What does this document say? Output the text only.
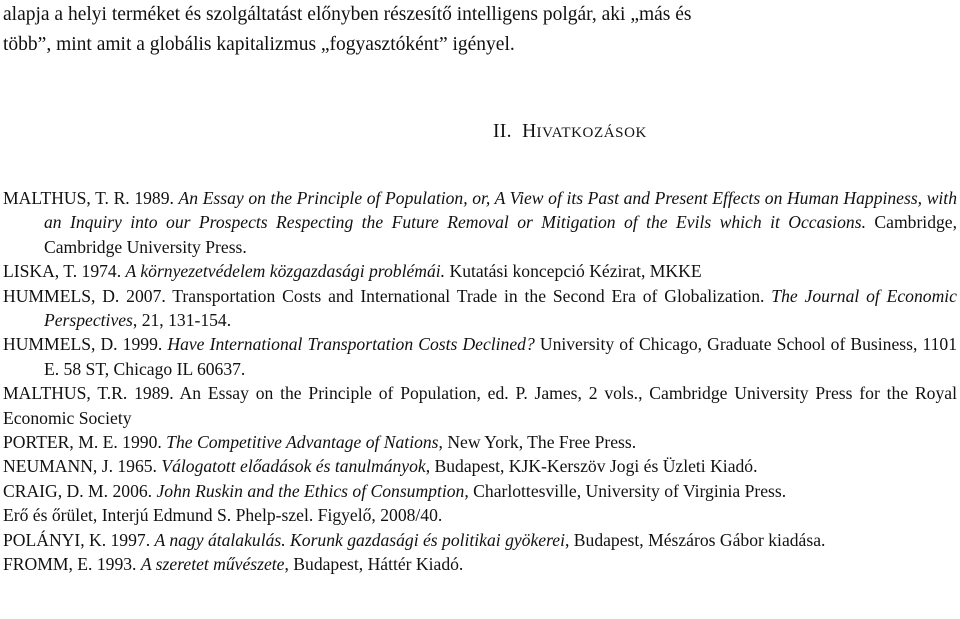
alapja a helyi terméket és szolgáltatást előnyben részesítő intelligens polgár, aki „más és
több”, mint amit a globális kapitalizmus „fogyasztóként” igényel.
II. HIVATKOZÁSOK

MALTHUS, T. R. 1989. An Essay on the Principle of Population, or, A View of its Past and Present Effects on Human Happiness, with an Inquiry into our Prospects Respecting the Future Removal or Mitigation of the Evils which it Occasions. Cambridge, Cambridge University Press.

LISKA, T. 1974. A környezetvédelem közgazdasági problémái. Kutatási koncepció Kézirat, MKKE

HUMMELS, D. 2007. Transportation Costs and International Trade in the Second Era of Globalization. The Journal of Economic Perspectives, 21, 131-154.

HUMMELS, D. 1999. Have International Transportation Costs Declined? University of Chicago, Graduate School of Business, 1101 E. 58 ST, Chicago IL 60637.

MALTHUS, T.R. 1989. An Essay on the Principle of Population, ed. P. James, 2 vols., Cambridge University Press for the Royal Economic Society

PORTER, M. E. 1990. The Competitive Advantage of Nations, New York, The Free Press.

NEUMANN, J. 1965. Válogatott előadások és tanulmányok, Budapest, KJK-Kerszöv Jogi és Üzleti Kiadó.

CRAIG, D. M. 2006. John Ruskin and the Ethics of Consumption, Charlottesville, University of Virginia Press.

Erő és őrület, Interjú Edmund S. Phelp-szel. Figyelő, 2008/40.

POLÁNYI, K. 1997. A nagy átalakulás. Korunk gazdasági és politikai gyökerei, Budapest, Mészáros Gábor kiadása.

FROMM, E. 1993. A szeretet művészete, Budapest, Háttér Kiadó.
